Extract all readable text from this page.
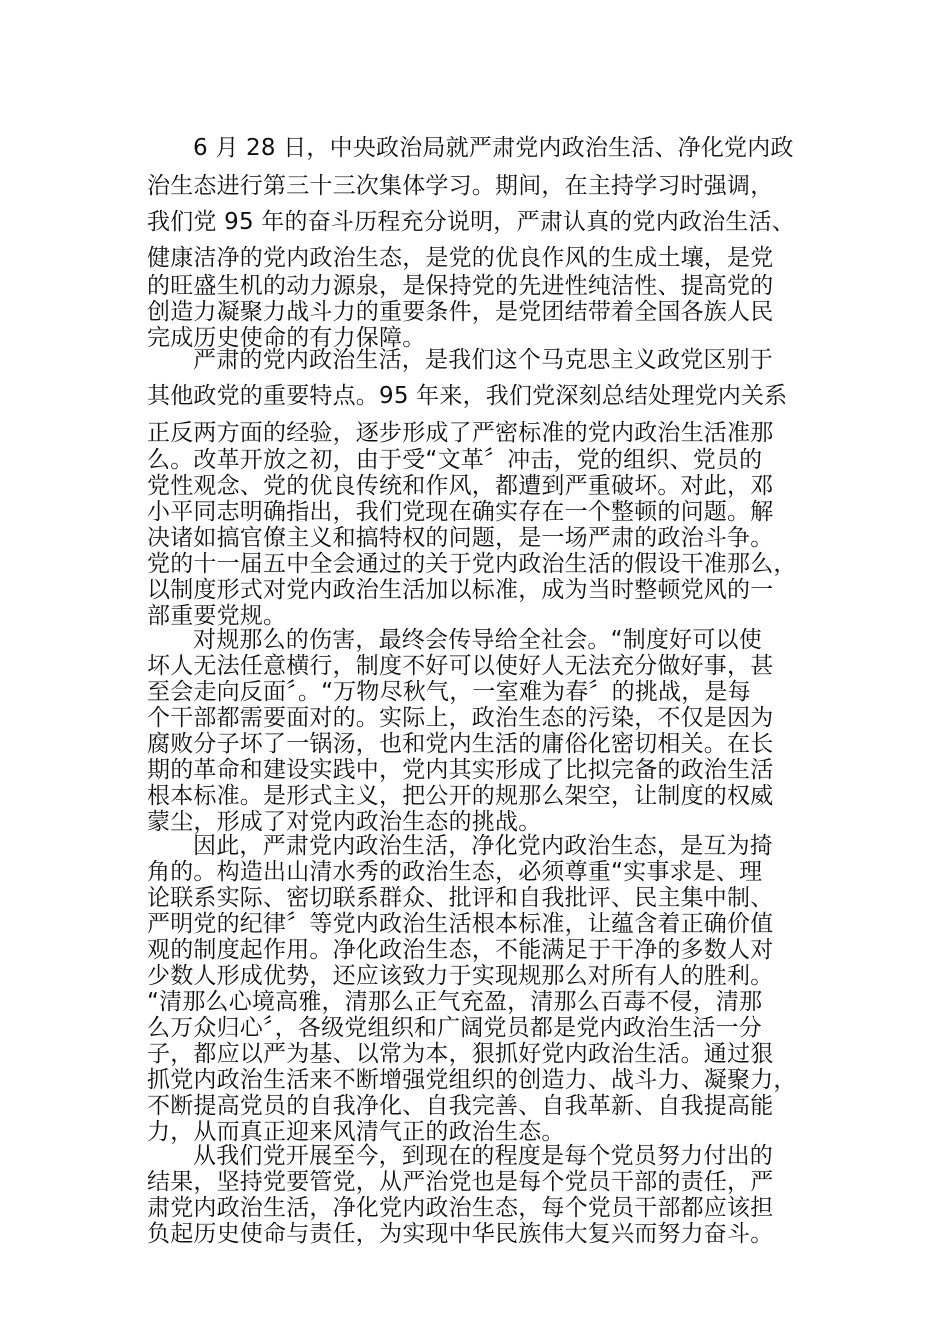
6 月 28 日，中央政治局就严肃党内政治生活、净化党内政
治生态进行第三十三次集体学习。期间，在主持学习时强调，
我们党 95 年的奋斗历程充分说明，严肃认真的党内政治生活、
健康洁净的党内政治生态，是党的优良作风的生成土壤，是党
的旺盛生机的动力源泉，是保持党的先进性纯洁性、提高党的
创造力凝聚力战斗力的重要条件，是党团结带着全国各族人民
完成历史使命的有力保障。
严肃的党内政治生活，是我们这个马克思主义政党区别于
其他政党的重要特点。95 年来，我们党深刻总结处理党内关系
正反两方面的经验，逐步形成了严密标准的党内政治生活准那
么。改革开放之初，由于受“文革〞冲击，党的组织、党员的
党性观念、党的优良传统和作风，都遭到严重破坏。对此，邓
小平同志明确指出，我们党现在确实存在一个整顿的问题。解
决诸如搞官僚主义和搞特权的问题，是一场严肃的政治斗争。
党的十一届五中全会通过的关于党内政治生活的假设干准那么，
以制度形式对党内政治生活加以标准，成为当时整顿党风的一
部重要党规。
对规那么的伤害，最终会传导给全社会。“制度好可以使
坏人无法任意横行，制度不好可以使好人无法充分做好事，甚
至会走向反面〞。“万物尽秋气，一室难为春〞的挑战，是每
个干部都需要面对的。实际上，政治生态的污染，不仅是因为
腐败分子坏了一锅汤，也和党内生活的庸俗化密切相关。在长
期的革命和建设实践中，党内其实形成了比拟完备的政治生活
根本标准。是形式主义，把公开的规那么架空，让制度的权威
蒙尘，形成了对党内政治生态的挑战。
因此，严肃党内政治生活，净化党内政治生态，是互为掎
角的。构造出山清水秀的政治生态，必须尊重“实事求是、理
论联系实际、密切联系群众、批评和自我批评、民主集中制、
严明党的纪律〞等党内政治生活根本标准，让蕴含着正确价值
观的制度起作用。净化政治生态，不能满足于干净的多数人对
少数人形成优势，还应该致力于实现规那么对所有人的胜利。
“清那么心境高雅，清那么正气充盈，清那么百毒不侵，清那
么万众归心〞，各级党组织和广阔党员都是党内政治生活一分
子，都应以严为基、以常为本，狠抓好党内政治生活。通过狠
抓党内政治生活来不断增强党组织的创造力、战斗力、凝聚力，
不断提高党员的自我净化、自我完善、自我革新、自我提高能
力，从而真正迎来风清气正的政治生态。
从我们党开展至今，到现在的程度是每个党员努力付出的
结果，坚持党要管党，从严治党也是每个党员干部的责任，严
肃党内政治生活，净化党内政治生态，每个党员干部都应该担
负起历史使命与责任，为实现中华民族伟大复兴而努力奋斗。
